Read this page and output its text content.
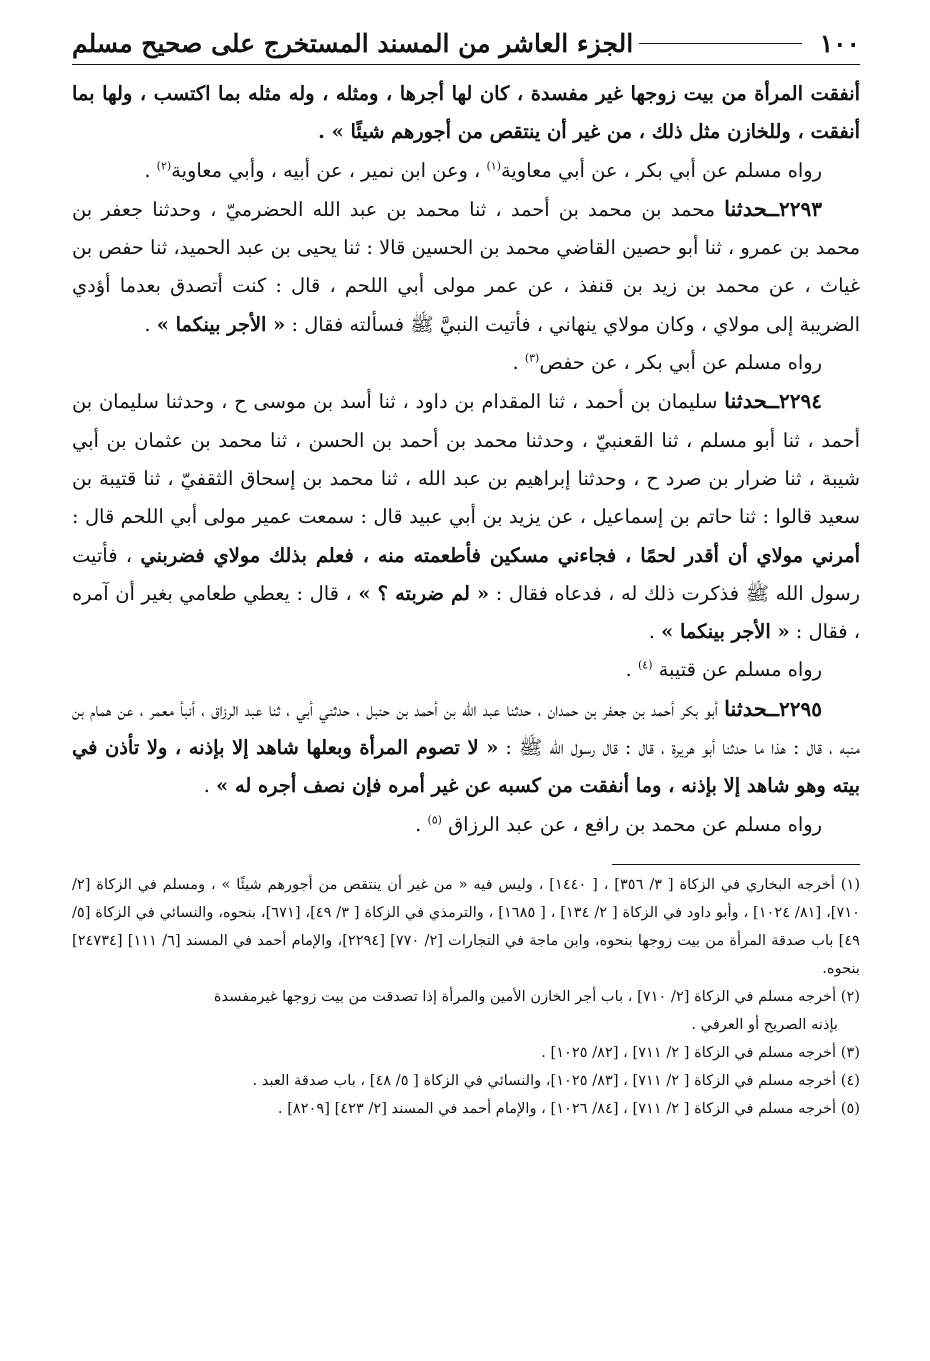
١٠٠
الجزء العاشر من المسند المستخرج على صحيح مسلم

أنفقت المرأة من بيت زوجها غير مفسدة ، كان لها أجرها ، ومثله ، وله مثله بما اكتسب ، ولها بما أنفقت ، وللخازن مثل ذلك ، من غير أن ينتقص من أجورهم شيئًا » .

رواه مسلم عن أبي بكر ، عن أبي معاوية$^{(١)}$ ، وعن ابن نمير ، عن أبيه ، وأبي معاوية$^{(٢)}$ .

٢٢٩٣ــحدثنا محمد بن محمد بن أحمد ، ثنا محمد بن عبد الله الحضرميّ ، وحدثنا جعفر بن محمد بن عمرو ، ثنا أبو حصين القاضي محمد بن الحسين قالا : ثنا يحيى بن عبد الحميد، ثنا حفص بن غياث ، عن محمد بن زيد بن قنفذ ، عن عمر مولى أبي اللحم ، قال : كنت أتصدق بعدما أؤدي الضريبة إلى مولاي ، وكان مولاي ينهاني ، فأتيت النبيَّ ﷺ فسألته فقال : « الأجر بينكما » .

رواه مسلم عن أبي بكر ، عن حفص$^{(٣)}$ .

٢٢٩٤ــحدثنا سليمان بن أحمد ، ثنا المقدام بن داود ، ثنا أسد بن موسى ح ، وحدثنا سليمان بن أحمد ، ثنا أبو مسلم ، ثنا القعنبيّ ، وحدثنا محمد بن أحمد بن الحسن ، ثنا محمد بن عثمان بن أبي شيبة ، ثنا ضرار بن صرد ح ، وحدثنا إبراهيم بن عبد الله ، ثنا محمد بن إسحاق الثقفيّ ، ثنا قتيبة بن سعيد قالوا : ثنا حاتم بن إسماعيل ، عن يزيد بن أبي عبيد قال : سمعت عمير مولى أبي اللحم قال : أمرني مولاي أن أقدر لحمًا ، فجاءني مسكين فأطعمته منه ، فعلم بذلك مولاي فضربني ، فأتيت رسول الله ﷺ فذكرت ذلك له ، فدعاه فقال : « لم ضربته ؟ » ، قال : يعطي طعامي بغير أن آمره ، فقال : « الأجر بينكما » .

رواه مسلم عن قتيبة $^{(٤)}$ .

٢٢٩٥ــحدثنا أبو بكر أحمد بن جعفر بن حمدان ، حدثنا عبد الله بن أحمد بن حنبل ، حدثني أبي ، ثنا عبد الرزاق ، أنبأ معمر ، عن همام بن منبه ، قال : هذا ما حدثنا أبو هريرة ، قال : قال رسول الله ﷺ : « لا تصوم المرأة وبعلها شاهد إلا بإذنه ، ولا تأذن في بيته وهو شاهد إلا بإذنه ، وما أنفقت من كسبه عن غير أمره فإن نصف أجره له » .

رواه مسلم عن محمد بن رافع ، عن عبد الرزاق $^{(٥)}$ .

(١) أخرجه البخاري في الزكاة [ ٣/ ٣٥٦] ، [ ١٤٤٠] ، وليس فيه « من غير أن ينتقص من أجورهم شيئًا » ، ومسلم في الزكاة [٢/ ٧١٠]، [٨١/ ١٠٢٤] ، وأبو داود في الزكاة [ ٢/ ١٣٤] ، [ ١٦٨٥] ، والترمذي في الزكاة [ ٣/ ٤٩]، [٦٧١]، بنحوه، والنسائي في الزكاة [٥/ ٤٩] باب صدقة المرأة من بيت زوجها بنحوه، وابن ماجة في التجارات [٢/ ٧٧٠] [٢٢٩٤]، والإمام أحمد في المسند [٦/ ١١١] [٢٤٧٣٤] بنحوه.

(٢) أخرجه مسلم في الزكاة [٢/ ٧١٠] ، باب أجر الخازن الأمين والمرأة إذا تصدقت من بيت زوجها غيرمفسدة

بإذنه الصريح أو العرفي .

(٣) أخرجه مسلم في الزكاة [ ٢/ ٧١١] ، [٨٢/ ١٠٢٥] .

(٤) أخرجه مسلم في الزكاة [ ٢/ ٧١١] ، [٨٣/ ١٠٢٥]، والنسائي في الزكاة [ ٥/ ٤٨] ، باب صدقة العبد .

(٥) أخرجه مسلم في الزكاة [ ٢/ ٧١١] ، [٨٤/ ١٠٢٦] ، والإمام أحمد في المسند [٢/ ٤٢٣] [٨٢٠٩] .
